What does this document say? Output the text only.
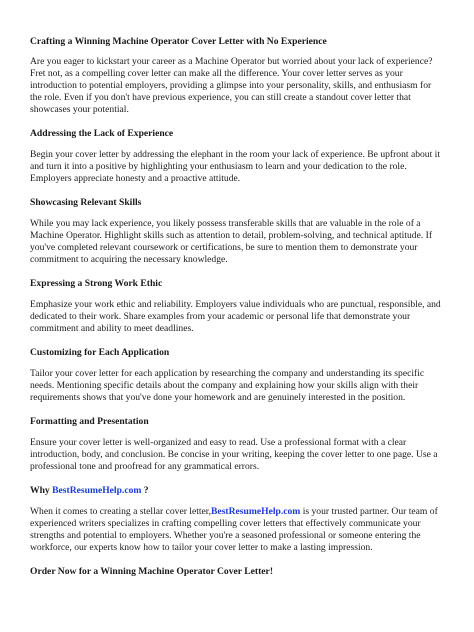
Crafting a Winning Machine Operator Cover Letter with No Experience

Are you eager to kickstart your career as a Machine Operator but worried about your lack of experience? Fret not, as a compelling cover letter can make all the difference. Your cover letter serves as your introduction to potential employers, providing a glimpse into your personality, skills, and enthusiasm for the role. Even if you don't have previous experience, you can still create a standout cover letter that showcases your potential.

Addressing the Lack of Experience

Begin your cover letter by addressing the elephant in the room your lack of experience. Be upfront about it and turn it into a positive by highlighting your enthusiasm to learn and your dedication to the role. Employers appreciate honesty and a proactive attitude.

Showcasing Relevant Skills

While you may lack experience, you likely possess transferable skills that are valuable in the role of a Machine Operator. Highlight skills such as attention to detail, problem-solving, and technical aptitude. If you've completed relevant coursework or certifications, be sure to mention them to demonstrate your commitment to acquiring the necessary knowledge.

Expressing a Strong Work Ethic

Emphasize your work ethic and reliability. Employers value individuals who are punctual, responsible, and dedicated to their work. Share examples from your academic or personal life that demonstrate your commitment and ability to meet deadlines.

Customizing for Each Application

Tailor your cover letter for each application by researching the company and understanding its specific needs. Mentioning specific details about the company and explaining how your skills align with their requirements shows that you've done your homework and are genuinely interested in the position.

Formatting and Presentation

Ensure your cover letter is well-organized and easy to read. Use a professional format with a clear introduction, body, and conclusion. Be concise in your writing, keeping the cover letter to one page. Use a professional tone and proofread for any grammatical errors.

Why BestResumeHelp.com ?

When it comes to creating a stellar cover letter,BestResumeHelp.com is your trusted partner. Our team of experienced writers specializes in crafting compelling cover letters that effectively communicate your strengths and potential to employers. Whether you're a seasoned professional or someone entering the workforce, our experts know how to tailor your cover letter to make a lasting impression.

Order Now for a Winning Machine Operator Cover Letter!
